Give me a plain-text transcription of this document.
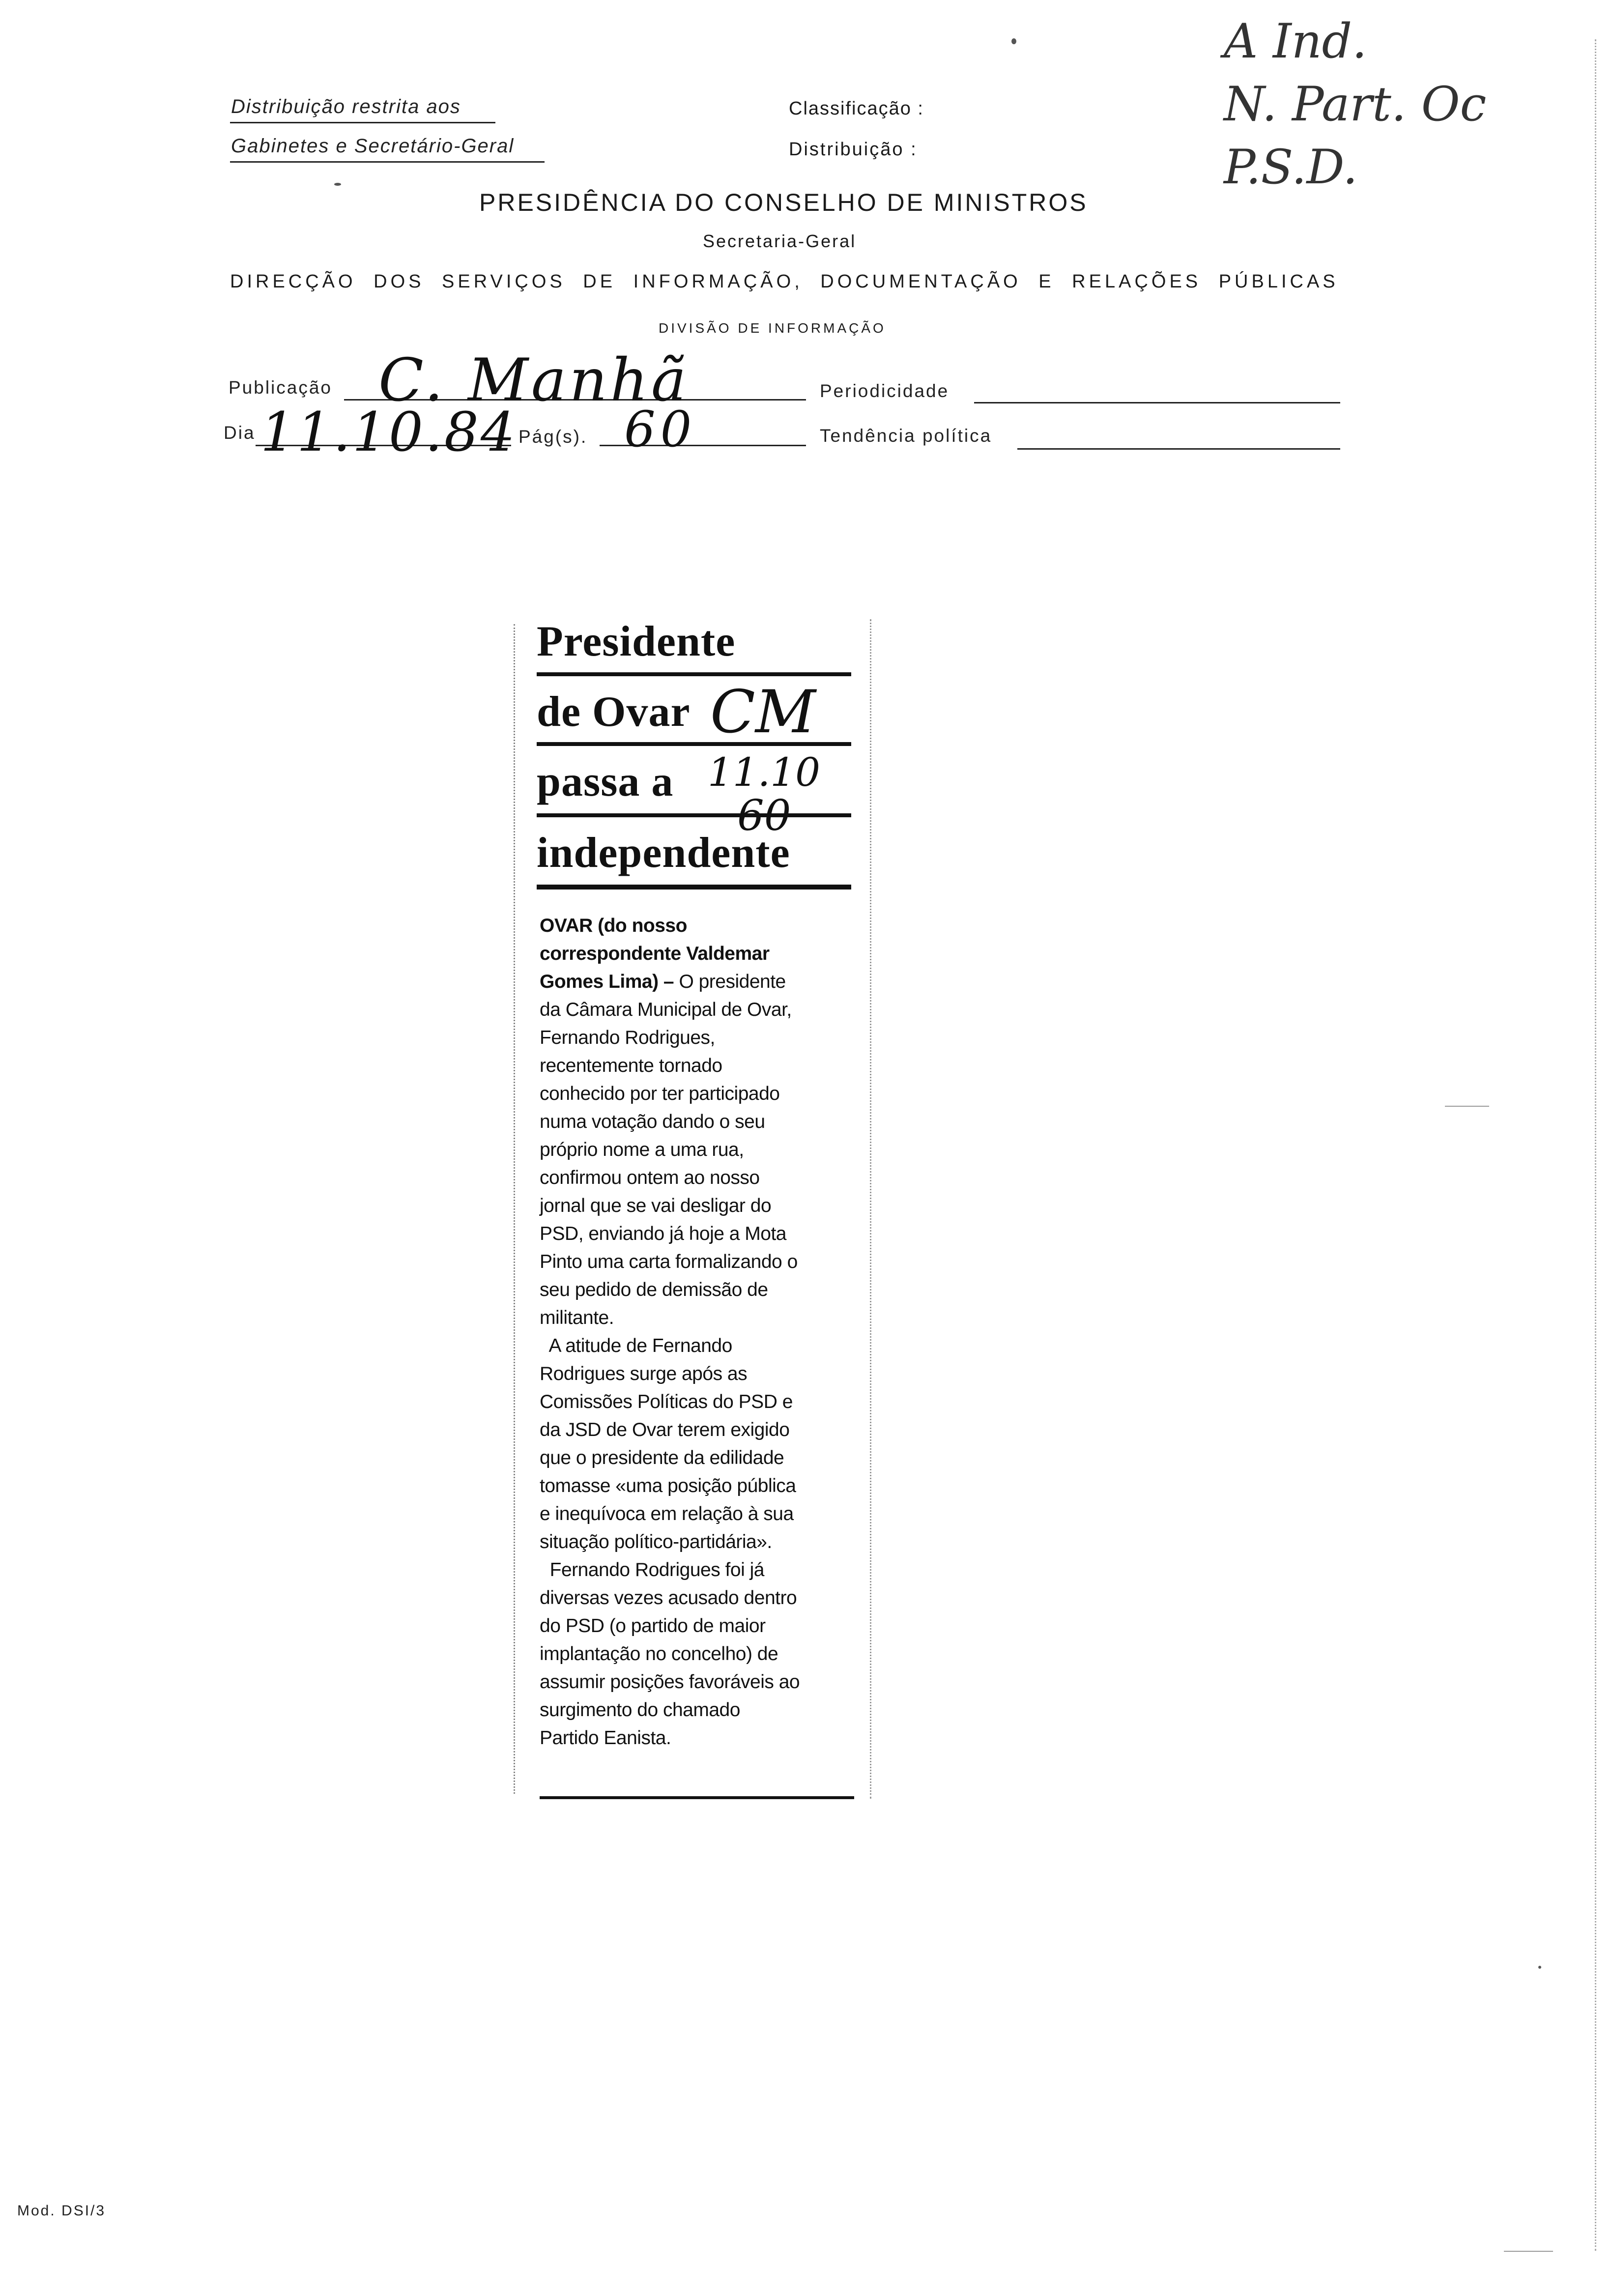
Distribuição restrita aos
Gabinetes e Secretário-Geral
Classificação :
Distribuição :
A Ind.
N. Part. Oc
P.S.D.
PRESIDÊNCIA DO CONSELHO DE MINISTROS
Secretaria-Geral
DIRECÇÃO DOS SERVIÇOS DE INFORMAÇÃO, DOCUMENTAÇÃO E RELAÇÕES PÚBLICAS
DIVISÃO DE INFORMAÇÃO
Publicação C. Manhã	Periodicidade
Dia 11.10.84 Pág(s). 60	Tendência política
Presidente
de Ovar
passa a
independente
CM
11.10
60
OVAR (do nosso
correspondente Valdemar
Gomes Lima) – O presidente
da Câmara Municipal de Ovar,
Fernando Rodrigues,
recentemente tornado
conhecido por ter participado
numa votação dando o seu
próprio nome a uma rua,
confirmou ontem ao nosso
jornal que se vai desligar do
PSD, enviando já hoje a Mota
Pinto uma carta formalizando o
seu pedido de demissão de
militante.
A atitude de Fernando
Rodrigues surge após as
Comissões Políticas do PSD e
da JSD de Ovar terem exigido
que o presidente da edilidade
tomasse «uma posição pública
e inequívoca em relação à sua
situação político-partidária».
Fernando Rodrigues foi já
diversas vezes acusado dentro
do PSD (o partido de maior
implantação no concelho) de
assumir posições favoráveis ao
surgimento do chamado
Partido Eanista.
Mod. DSI/3
